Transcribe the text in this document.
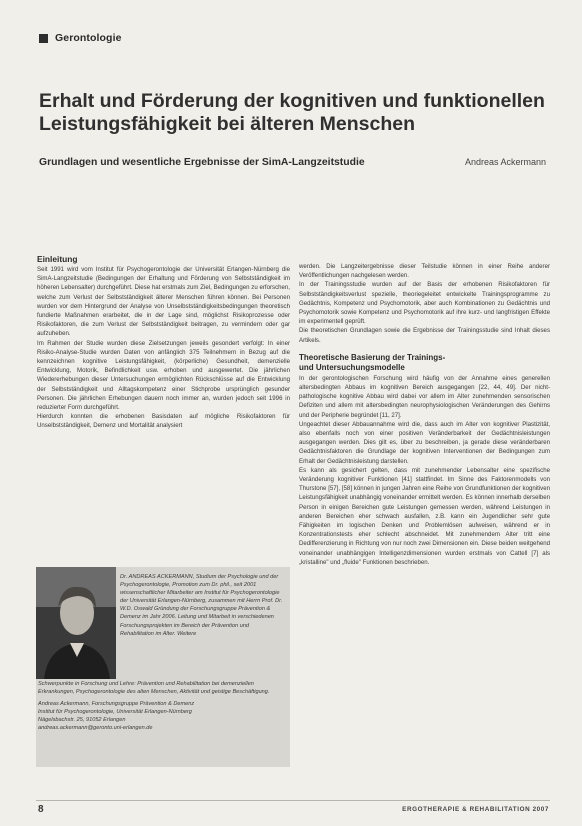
Gerontologie
Erhalt und Förderung der kognitiven und funktionellen
Leistungsfähigkeit bei älteren Menschen
Grundlagen und wesentliche Ergebnisse der SimA-Langzeitstudie	Andreas Ackermann

Einleitung

Seit 1991 wird vom Institut für Psychogerontologie der Universität Erlangen-Nürnberg die SimA-Langzeitstudie (Bedingungen der Erhaltung und Förderung von Selbstständigkeit im höheren Lebensalter) durchgeführt. Diese hat erstmals zum Ziel, Bedingungen zu erforschen, welche zum Verlust der Selbstständigkeit älterer Menschen führen können. Bei Personen wurden vor dem Hintergrund der Analyse von Unselbstständigkeitsbedingungen theoretisch fundierte Maßnahmen erarbeitet, die in der Lage sind, möglichst Risikoprozesse oder Risikofaktoren, die zum Verlust der Selbstständigkeit beitragen, zu vermindern oder gar aufzuheben.

Im Rahmen der Studie wurden diese Zielsetzungen jeweils gesondert verfolgt: In einer Risiko-Analyse-Studie wurden Daten von anfänglich 375 Teilnehmern in Bezug auf die kennzeichnen kognitive Leistungsfähigkeit, (körperliche) Gesundheit, demenzielle Entwicklung, Motorik, Befindlichkeit usw. erhoben und ausgewertet. Die jährlichen Wiedererhebungen dieser Untersuchungen ermöglichten Rückschlüsse auf die Entwicklung der Selbstständigkeit und Alltagskompetenz einer Stichprobe ursprünglich gesunder Personen. Die jährlichen Erhebungen dauern noch immer an, wurden jedoch seit 1996 in reduzierter Form durchgeführt.

Hierdurch konnten die erhobenen Basisdaten auf mögliche Risikofaktoren für Unselbstständigkeit, Demenz und Mortalität analysiert

werden. Die Langzeitergebnisse dieser Teilstudie können in einer Reihe anderer Veröffentlichungen nachgelesen werden.

In der Trainingsstudie wurden auf der Basis der erhobenen Risikofaktoren für Selbstständigkeitsverlust spezielle, theoriegeleitet entwickelte Trainingsprogramme zu Gedächtnis, Kompetenz und Psychomotorik, aber auch Kombinationen zu Gedächtnis und Psychomotorik sowie Kompetenz und Psychomotorik auf ihre kurz- und langfristigen Effekte im experimentell geprüft.

Die theoretischen Grundlagen sowie die Ergebnisse der Trainingsstudie sind Inhalt dieses Artikels.

Theoretische Basierung der Trainings-
und Untersuchungsmodelle

In der gerontologischen Forschung wird häufig von der Annahme eines generellen altersbedingten Abbaus im kognitiven Bereich ausgegangen [22, 44, 49]. Der nicht-pathologische kognitive Abbau wird dabei vor allem im Alter zunehmenden sensorischen Defiziten und allem mit altersbedingten neurophysiologischen Veränderungen des Gehirns und der Peripherie begründet [11, 27].

Ungeachtet dieser Abbauannahme wird die, dass auch im Alter von kognitiver Plastizität, also ebenfalls noch von einer positiven Veränderbarkeit der Gedächtnisleistungen ausgegangen werden. Dies gilt es, über zu beschreiben, ja gerade diese veränderbaren Gedächtnisfaktoren die Grundlage der kognitiven Interventionen der Bedingungen zum Erhalt der Gedächtnisleistung darstellen.

Es kann als gesichert gelten, dass mit zunehmender Lebensalter eine spezifische Veränderung kognitiver Funktionen [41] stattfindet. Im Sinne des Faktorenmodells von Thurstone [57], [58] können in jungen Jahren eine Reihe von Grundfunktionen der kognitiven Leistungsfähigkeit unabhängig voneinander ermittelt werden. Es können innerhalb derselben Person in einigen Bereichen gute Leistungen gemessen werden, während Leistungen in anderen Bereichen eher schwach ausfallen, z.B. kann ein Jugendlicher sehr gute Fähigkeiten im logischen Denken und Problemlösen aufweisen, während er in Konzentrationstests eher schlecht abschneidet. Mit zunehmendem Alter tritt eine Dedifferenzierung in Richtung von nur noch zwei Dimensionen ein. Diese beiden weitgehend voneinander unabhängigen Intelligenzdimensionen wurden erstmals von Cattell [7] als „kristalline" und „fluide" Funktionen beschrieben.

Dr. ANDREAS ACKERMANN, Studium der Psychologie und der Psychogerontologie, Promotion zum Dr. phil., seit 2001 wissenschaftlicher Mitarbeiter am Institut für Psychogerontologie der Universität Erlangen-Nürnberg, zusammen mit Herrn Prof. Dr. W.D. Oswald Gründung der Forschungsgruppe Prävention & Demenz im Jahr 2006. Leitung und Mitarbeit in verschiedenen Forschungsprojekten im Bereich der Prävention und Rehabilitation im Alter. Weitere

Schwerpunkte in Forschung und Lehre: Prävention und Rehabilitation bei demenziellen Erkrankungen, Psychogerontologie des alten Menschen, Aktivität und geistige Beschäftigung.

Andreas Ackermann, Forschungsgruppe Prävention & Demenz

Institut für Psychogerontologie, Universität Erlangen-Nürnberg

Nägelsbachstr. 25, 91052 Erlangen

andreas.ackermann@geronto.uni-erlangen.de

8	ERGOTHERAPIE & REHABILITATION 2007
